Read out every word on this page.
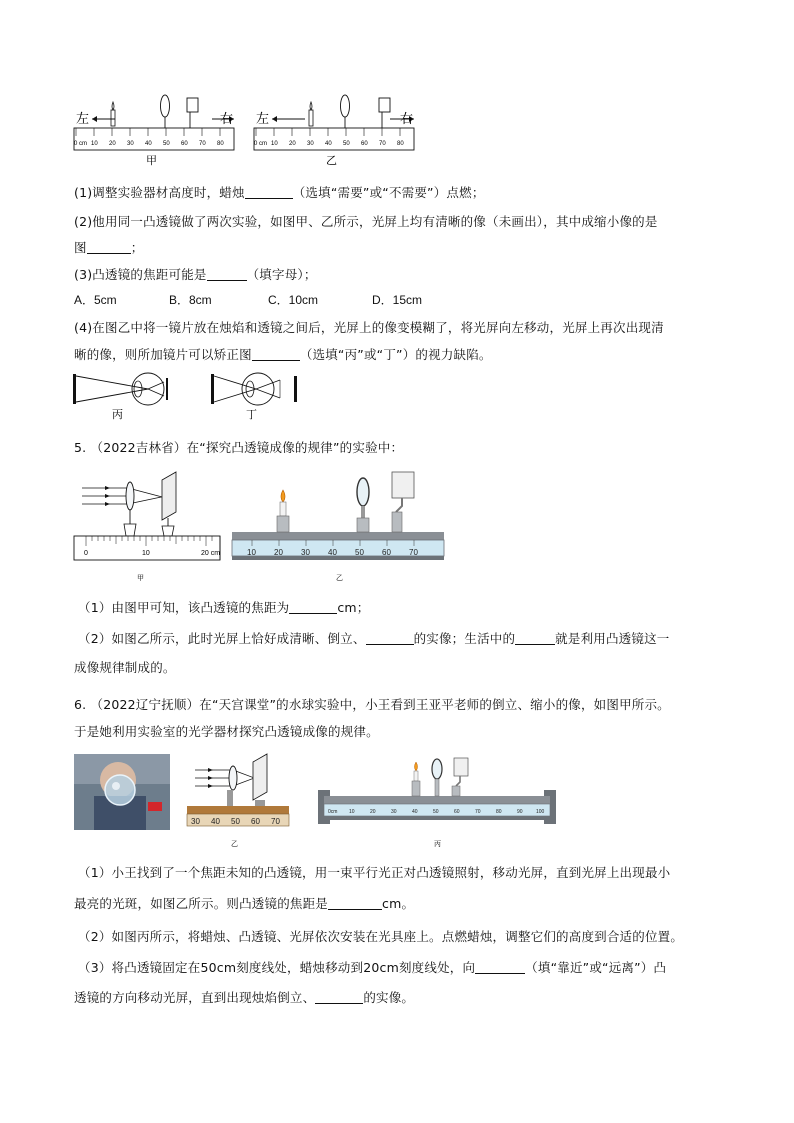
左	右
0 cm 10 20 30 40 50 60 70 80
甲
左	右
0 cm 10 20 30 40 50 60 70 80
乙
(1)调整实验器材高度时，蜡烛	（选填“需要”或“不需要”）点燃；
(2)他用同一凸透镜做了两次实验，如图甲、乙所示，光屏上均有清晰的像（未画出），其中成缩小像的是
图	；
(3)凸透镜的焦距可能是	（填字母）；
A．5cm	B．8cm	C．10cm	D．15cm
(4)在图乙中将一镜片放在烛焰和透镜之间后，光屏上的像变模糊了，将光屏向左移动，光屏上再次出现清
晰的像，则所加镜片可以矫正图	（选填“丙”或“丁”）的视力缺陷。
丙	丁
5. （2022吉林省）在“探究凸透镜成像的规律”的实验中：
0	10	20 cm
甲
10 20 30 40 50 60 70
乙
（1）由图甲可知，该凸透镜的焦距为	cm；
（2）如图乙所示，此时光屏上恰好成清晰、倒立、	的实像；生活中的	就是利用凸透镜这一
成像规律制成的。
6. （2022辽宁抚顺）在“天宫课堂”的水球实验中，小王看到王亚平老师的倒立、缩小的像，如图甲所示。
于是她利用实验室的光学器材探究凸透镜成像的规律。
30 40 50 60 70
乙
0cm 10	20	30	40	50	60	70	80	90	100
丙
（1）小王找到了一个焦距未知的凸透镜，用一束平行光正对凸透镜照射，移动光屏，直到光屏上出现最小
最亮的光斑，如图乙所示。则凸透镜的焦距是	cm。
（2）如图丙所示，将蜡烛、凸透镜、光屏依次安装在光具座上。点燃蜡烛，调整它们的高度到合适的位置。
（3）将凸透镜固定在50cm刻度线处，蜡烛移动到20cm刻度线处，向	（填“靠近”或“远离”）凸
透镜的方向移动光屏，直到出现烛焰倒立、	的实像。
